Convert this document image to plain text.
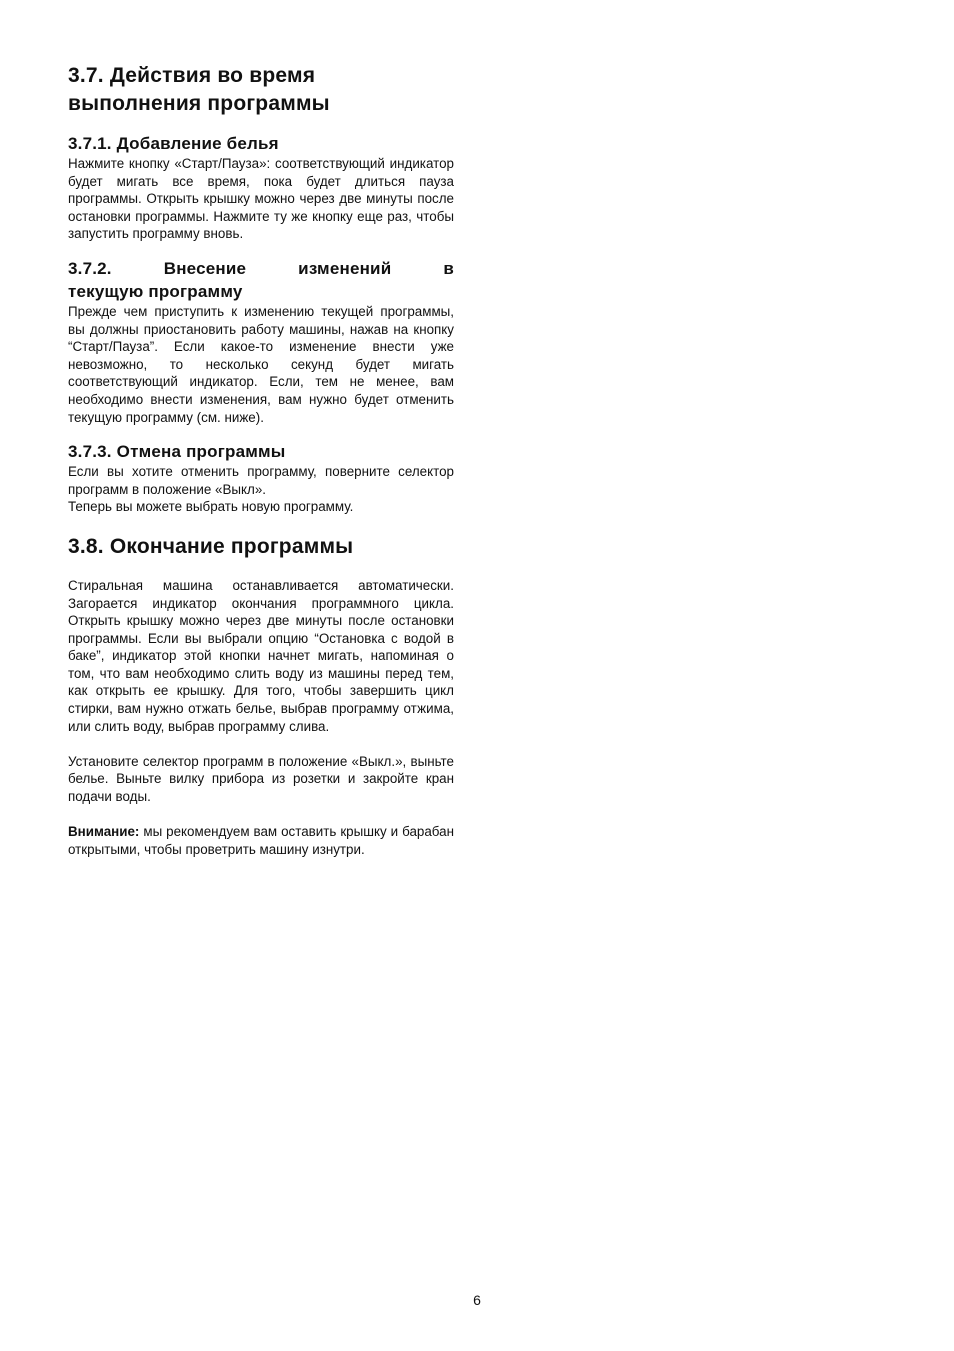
3.7. Действия во время
выполнения программы
3.7.1. Добавление белья

Нажмите кнопку «Старт/Пауза»: соответствующий индикатор будет мигать все время, пока будет длиться пауза программы. Открыть крышку можно через две минуты после остановки программы. Нажмите ту же кнопку еще раз, чтобы запустить программу вновь.

3.7.2. Внесение изменений в
текущую программу

Прежде чем приступить к изменению текущей программы, вы должны приостановить работу машины, нажав на кнопку “Старт/Пауза”. Если какое-то изменение внести уже невозможно, то несколько секунд будет мигать соответствующий индикатор. Если, тем не менее, вам необходимо внести изменения, вам нужно будет отменить текущую программу (см. ниже).

3.7.3. Отмена программы

Если вы хотите отменить программу, поверните селектор программ в положение «Выкл».

Теперь вы можете выбрать новую программу.

3.8. Окончание программы

Стиральная машина останавливается автоматически. Загорается индикатор окончания программного цикла. Открыть крышку можно через две минуты после остановки программы. Если вы выбрали опцию “Остановка с водой в баке”, индикатор этой кнопки начнет мигать, напоминая о том, что вам необходимо слить воду из машины перед тем, как открыть ее крышку. Для того, чтобы завершить цикл стирки, вам нужно отжать белье, выбрав программу отжима, или слить воду, выбрав программу слива.

Установите селектор программ в положение «Выкл.», выньте белье. Выньте вилку прибора из розетки и закройте кран подачи воды.

Внимание: мы рекомендуем вам оставить крышку и барабан открытыми, чтобы проветрить машину изнутри.

6
